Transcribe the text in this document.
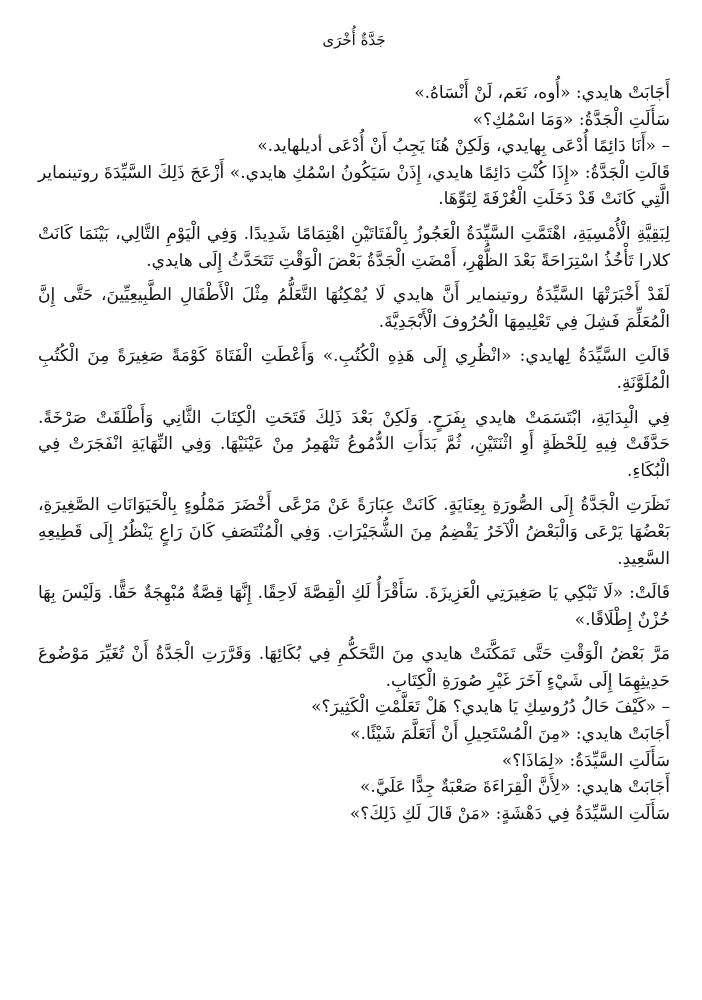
جَدَّةٌ أُخْرَى

أَجَابَتْ هايدي: «أُوه، نَعَم، لَنْ أَنْسَاهُ.»

سَأَلَتِ الْجَدَّةُ: «وَمَا اسْمُكِ؟»

– «أَنَا دَائِمًا أُدْعَى بِهايدي، وَلَكِنْ هُنَا يَجِبُ أَنْ أُدْعَى أديلهايد.»

قَالَتِ الْجَدَّةُ: «إِذَا كُنْتِ دَائِمًا هايدي، إِذَنْ سَيَكُونُ اسْمُكِ هايدي.» أَزْعَجَ ذَلِكَ السَّيِّدَةَ روتينماير الَّتِي كَانَتْ قَدْ دَخَلَتِ الْغُرْفَةَ لِتَوِّهَا.

لِبَقِيَّةِ الْأُمْسِيَةِ، اهْتَمَّتِ السَّيِّدَةُ الْعَجُوزُ بِالْفَتَاتَيْنِ اهْتِمَامًا شَدِيدًا. وَفِي الْيَوْمِ التَّالِي، بَيْنَمَا كَانَتْ كلارا تَأْخُذُ اسْتِرَاحَةً بَعْدَ الظُّهْرِ، أَمْضَتِ الْجَدَّةُ بَعْضَ الْوَقْتِ تَتَحَدَّثُ إِلَى هايدي.

لَقَدْ أَخْبَرَتْهَا السَّيِّدَةُ روتينماير أَنَّ هايدي لَا يُمْكِنُهَا التَّعَلُّمُ مِثْلَ الْأَطْفَالِ الطَّبِيعِيِّينَ، حَتَّى إِنَّ الْمُعَلِّمَ فَشِلَ فِي تَعْلِيمِهَا الْحُرُوفَ الْأَبْجَدِيَّةَ.

قَالَتِ السَّيِّدَةُ لِهايدي: «انْظُرِي إِلَى هَذِهِ الْكُتُبِ.» وَأَعْطَتِ الْفَتَاةَ كَوْمَةً صَغِيرَةً مِنَ الْكُتُبِ الْمُلَوَّنَةِ.

فِي الْبِدَايَةِ، ابْتَسَمَتْ هايدي بِفَرَحٍ. وَلَكِنْ بَعْدَ ذَلِكَ فَتَحَتِ الْكِتَابَ الثَّانِي وَأَطْلَقَتْ صَرْخَةً. حَدَّقَتْ فِيهِ لِلَحْظَةٍ أَوِ اثْنَتَيْنِ، ثُمَّ بَدَأَتِ الدُّمُوعُ تَنْهَمِرُ مِنْ عَيْنَيْهَا. وَفِي النِّهَايَةِ انْفَجَرَتْ فِي الْبُكَاءِ.

نَظَرَتِ الْجَدَّةُ إِلَى الصُّورَةِ بِعِنَايَةٍ. كَانَتْ عِبَارَةً عَنْ مَرْعًى أَخْضَرَ مَمْلُوءٍ بِالْحَيَوَانَاتِ الصَّغِيرَةِ، بَعْضُهَا يَرْعَى وَالْبَعْضُ الْآخَرُ يَقْضِمُ مِنَ الشُّجَيْرَاتِ. وَفِي الْمُنْتَصَفِ كَانَ رَاعٍ يَنْظُرُ إِلَى قَطِيعِهِ السَّعِيدِ.

قَالَتْ: «لَا تَبْكِي يَا صَغِيرَتِي الْعَزِيزَةَ. سَأَقْرَأُ لَكِ الْقِصَّةَ لَاحِقًا. إِنَّهَا قِصَّةٌ مُبْهِجَةٌ حَقًّا. وَلَيْسَ بِهَا حُزْنٌ إِطْلَاقًا.»

مَرَّ بَعْضُ الْوَقْتِ حَتَّى تَمَكَّنَتْ هايدي مِنَ التَّحَكُّمِ فِي بُكَائِهَا. وَقَرَّرَتِ الْجَدَّةُ أَنْ تُغَيِّرَ مَوْضُوعَ حَدِيثِهِمَا إِلَى شَيْءٍ آخَرَ غَيْرِ صُورَةِ الْكِتَابِ.

– «كَيْفَ حَالُ دُرُوسِكِ يَا هايدي؟ هَلْ تَعَلَّمْتِ الْكَثِيرَ؟»

أَجَابَتْ هايدي: «مِنَ الْمُسْتَحِيلِ أَنْ أَتَعَلَّمَ شَيْئًا.»

سَأَلَتِ السَّيِّدَةُ: «لِمَاذَا؟»

أَجَابَتْ هايدي: «لِأَنَّ الْقِرَاءَةَ صَعْبَةٌ جِدًّا عَلَيَّ.»

سَأَلَتِ السَّيِّدَةُ فِي دَهْشَةٍ: «مَنْ قَالَ لَكِ ذَلِكَ؟»
